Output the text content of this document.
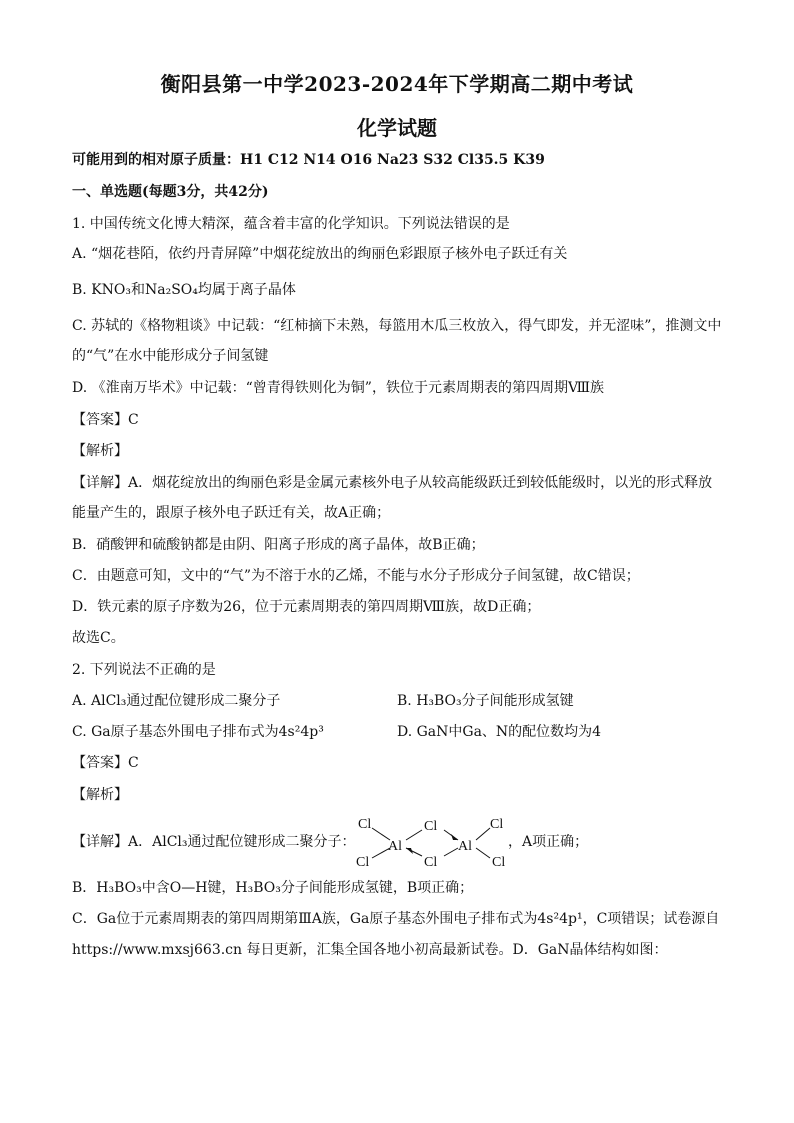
衡阳县第一中学2023-2024年下学期高二期中考试
化学试题
可能用到的相对原子质量：H1 C12 N14 O16 Na23 S32 Cl35.5 K39
一、单选题(每题3分，共42分)
1. 中国传统文化博大精深，蕴含着丰富的化学知识。下列说法错误的是
A. “烟花巷陌，依约丹青屏障”中烟花绽放出的绚丽色彩跟原子核外电子跃迁有关
B. KNO₃和Na₂SO₄均属于离子晶体
C. 苏轼的《格物粗谈》中记载：“红柿摘下未熟，每篮用木瓜三枚放入，得气即发，并无涩味”，推测文中
的“气”在水中能形成分子间氢键
D. 《淮南万毕术》中记载：“曾青得铁则化为铜”，铁位于元素周期表的第四周期Ⅷ族
【答案】C
【解析】
【详解】A．烟花绽放出的绚丽色彩是金属元素核外电子从较高能级跃迁到较低能级时，以光的形式释放
能量产生的，跟原子核外电子跃迁有关，故A正确；
B．硝酸钾和硫酸钠都是由阴、阳离子形成的离子晶体，故B正确；
C．由题意可知，文中的“气”为不溶于水的乙烯，不能与水分子形成分子间氢键，故C错误；
D．铁元素的原子序数为26，位于元素周期表的第四周期Ⅷ族，故D正确；
故选C。
2. 下列说法不正确的是
A. AlCl₃通过配位键形成二聚分子	B. H₃BO₃分子间能形成氢键
C. Ga原子基态外围电子排布式为4s²4p³	D. GaN中Ga、N的配位数均为4
【答案】C
【解析】
【详解】A．AlCl₃通过配位键形成二聚分子：
Cl
Cl
Al
Cl
Cl
Al
Cl
Cl
，A项正确；
B．H₃BO₃中含O—H键，H₃BO₃分子间能形成氢键，B项正确；
C．Ga位于元素周期表的第四周期第ⅢA族，Ga原子基态外围电子排布式为4s²4p¹，C项错误；试卷源自
https://www.mxsj663.cn 每日更新，汇集全国各地小初高最新试卷。D．GaN晶体结构如图：
